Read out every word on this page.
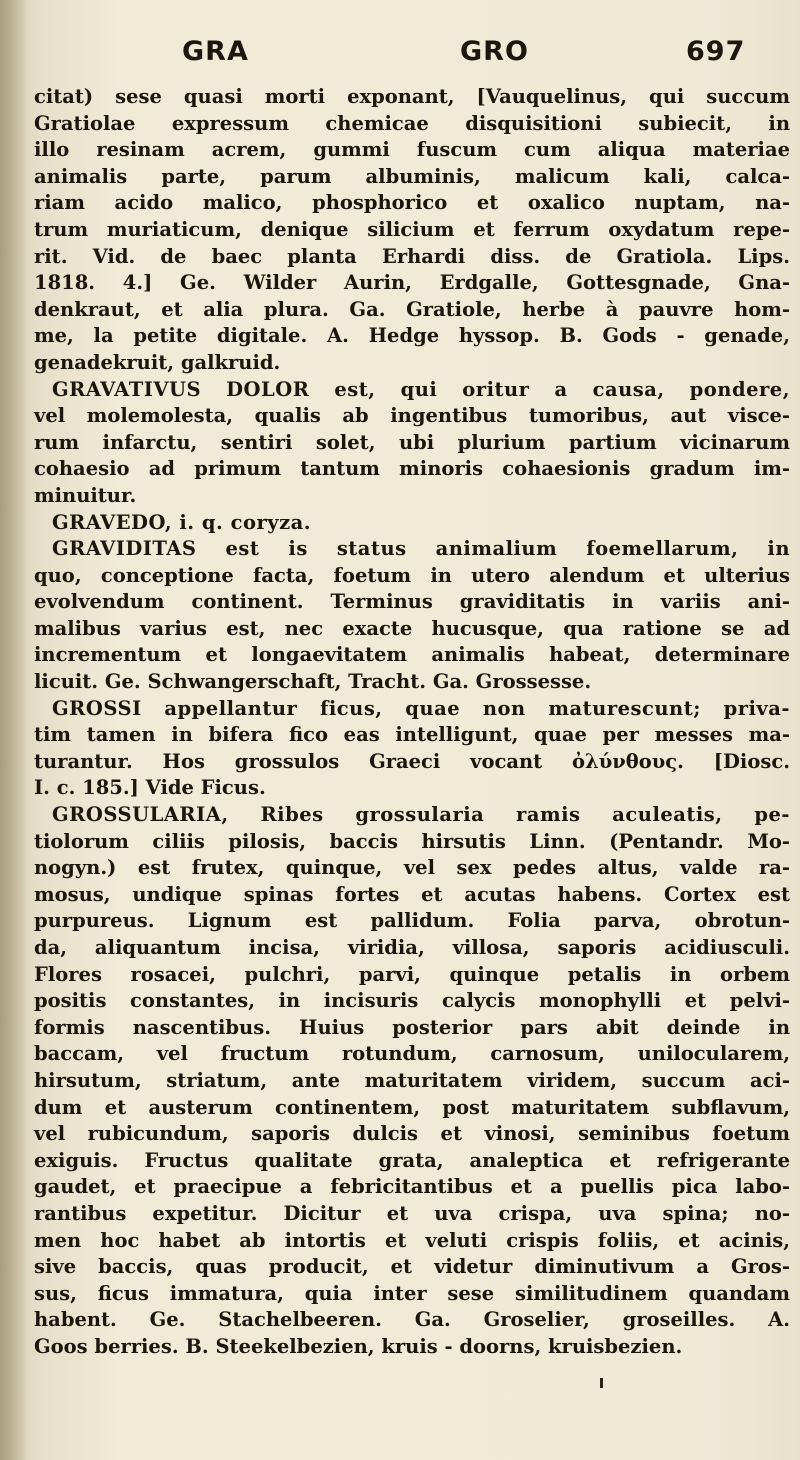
GRA	GRO	697
citat) sese quasi morti exponant, [Vauquelinus, qui succum
Gratiolae expressum chemicae disquisitioni subiecit, in
illo resinam acrem, gummi fuscum cum aliqua materiae
animalis parte, parum albuminis, malicum kali, calca-
riam acido malico, phosphorico et oxalico nuptam, na-
trum muriaticum, denique silicium et ferrum oxydatum repe-
rit. Vid. de baec planta Erhardi diss. de Gratiola. Lips.
1818. 4.] Ge. Wilder Aurin, Erdgalle, Gottesgnade, Gna-
denkraut, et alia plura. Ga. Gratiole, herbe à pauvre hom-
me, la petite digitale. A. Hedge hyssop. B. Gods - genade,
genadekruit, galkruid.
GRAVATIVUS DOLOR est, qui oritur a causa, pondere,
vel molemolesta, qualis ab ingentibus tumoribus, aut visce-
rum infarctu, sentiri solet, ubi plurium partium vicinarum
cohaesio ad primum tantum minoris cohaesionis gradum im-
minuitur.
GRAVEDO, i. q. coryza.
GRAVIDITAS est is status animalium foemellarum, in
quo, conceptione facta, foetum in utero alendum et ulterius
evolvendum continent. Terminus graviditatis in variis ani-
malibus varius est, nec exacte hucusque, qua ratione se ad
incrementum et longaevitatem animalis habeat, determinare
licuit. Ge. Schwangerschaft, Tracht. Ga. Grossesse.
GROSSI appellantur ficus, quae non maturescunt; priva-
tim tamen in bifera fico eas intelligunt, quae per messes ma-
turantur. Hos grossulos Graeci vocant ὀλύνθους. [Diosc.
I. c. 185.] Vide Ficus.
GROSSULARIA, Ribes grossularia ramis aculeatis, pe-
tiolorum ciliis pilosis, baccis hirsutis Linn. (Pentandr. Mo-
nogyn.) est frutex, quinque, vel sex pedes altus, valde ra-
mosus, undique spinas fortes et acutas habens. Cortex est
purpureus. Lignum est pallidum. Folia parva, obrotun-
da, aliquantum incisa, viridia, villosa, saporis acidiusculi.
Flores rosacei, pulchri, parvi, quinque petalis in orbem
positis constantes, in incisuris calycis monophylli et pelvi-
formis nascentibus. Huius posterior pars abit deinde in
baccam, vel fructum rotundum, carnosum, unilocularem,
hirsutum, striatum, ante maturitatem viridem, succum aci-
dum et austerum continentem, post maturitatem subflavum,
vel rubicundum, saporis dulcis et vinosi, seminibus foetum
exiguis. Fructus qualitate grata, analeptica et refrigerante
gaudet, et praecipue a febricitantibus et a puellis pica labo-
rantibus expetitur. Dicitur et uva crispa, uva spina; no-
men hoc habet ab intortis et veluti crispis foliis, et acinis,
sive baccis, quas producit, et videtur diminutivum a Gros-
sus, ficus immatura, quia inter sese similitudinem quandam
habent. Ge. Stachelbeeren. Ga. Groselier, groseilles. A.
Goos berries. B. Steekelbezien, kruis - doorns, kruisbezien.
